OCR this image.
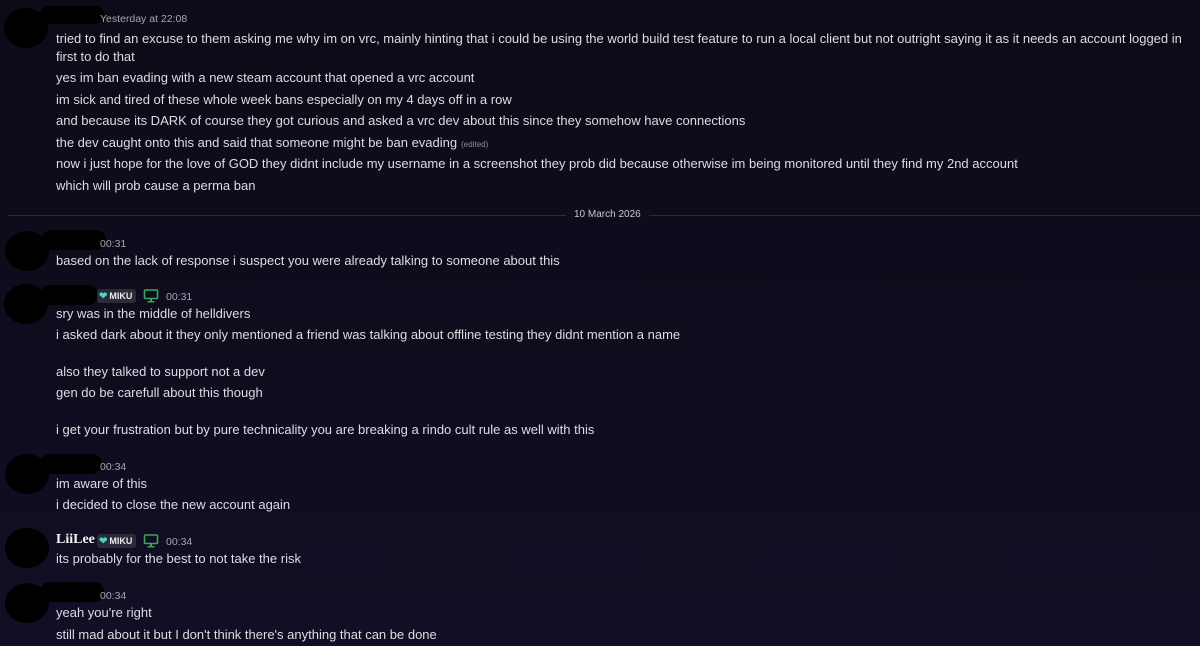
Yesterday at 22:08
tried to find an excuse to them asking me why im on vrc, mainly hinting that i could be using the world build test feature to run a local client but not outright saying it as it needs an account logged in first to do that
yes im ban evading with a new steam account that opened a vrc account
im sick and tired of these whole week bans especially on my 4 days off in a row
and because its DARK of course they got curious and asked a vrc dev about this since they somehow have connections
the dev caught onto this and said that someone might be ban evading (edited)
now i just hope for the love of GOD they didnt include my username in a screenshot they prob did because otherwise im being monitored until they find my 2nd account
which will prob cause a perma ban
10 March 2026
00:31
based on the lack of response i suspect you were already talking to someone about this
❤ MIKU	00:31
sry was in the middle of helldivers
i asked dark about it they only mentioned a friend was talking about offline testing they didnt mention a name
also they talked to support not a dev
gen do be carefull about this though
i get your frustration but by pure technicality you are breaking a rindo cult rule as well with this
00:34
im aware of this
i decided to close the new account again
LiiLee ❤ MIKU	00:34
its probably for the best to not take the risk
00:34
yeah you're right
still mad about it but I don't think there's anything that can be done
